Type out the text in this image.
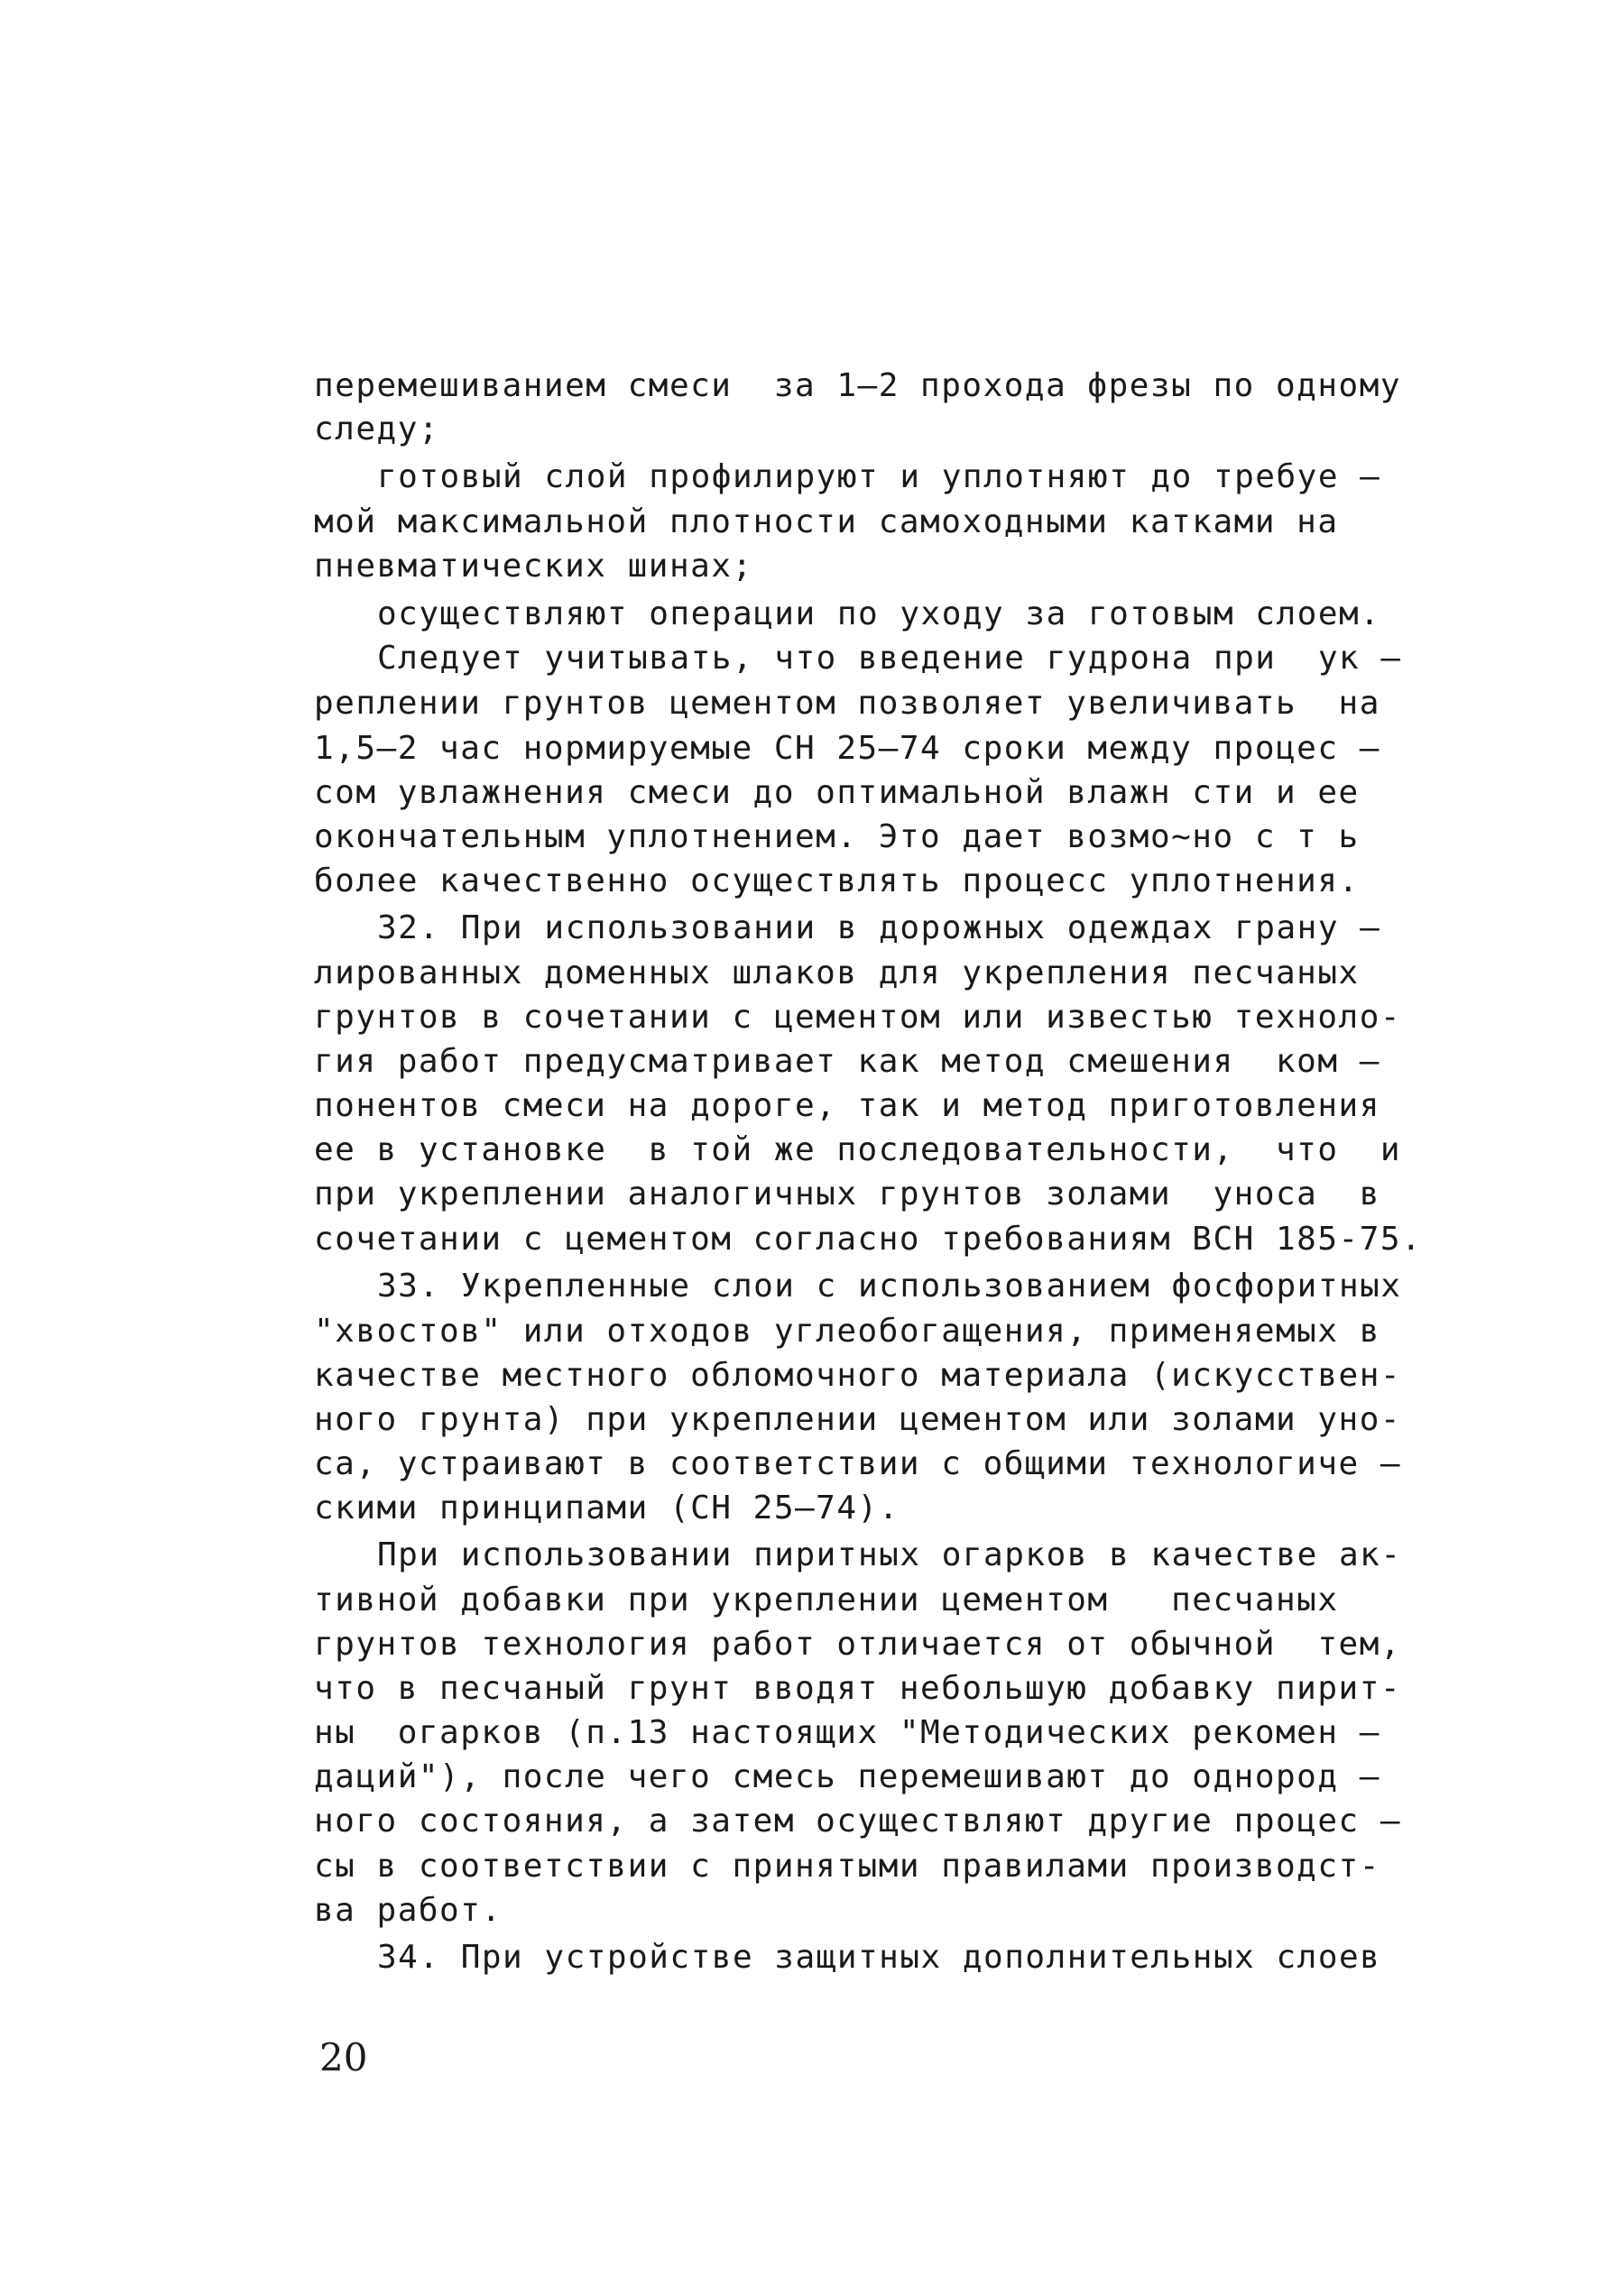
перемешиванием смеси  за 1–2 прохода фрезы по одному
следу;
готовый слой профилируют и уплотняют до требуе –
мой максимальной плотности самоходными катками на
пневматических шинах;
осуществляют операции по уходу за готовым слоем.
Следует учитывать, что введение гудрона при  ук –
реплении грунтов цементом позволяет увеличивать  на
1,5–2 час нормируемые СН 25–74 сроки между процес –
сом увлажнения смеси до оптимальной влажн сти и ее
окончательным уплотнением. Это дает возмо~но с т ь
более качественно осуществлять процесс уплотнения.
32. При использовании в дорожных одеждах грану –
лированных доменных шлаков для укрепления песчаных
грунтов в сочетании с цементом или известью техноло-
гия работ предусматривает как метод смешения  ком –
понентов смеси на дороге, так и метод приготовления
ее в установке  в той же последовательности,  что  и
при укреплении аналогичных грунтов золами  уноса  в
сочетании с цементом согласно требованиям ВСН 185-75.
33. Укрепленные слои с использованием фосфоритных
"хвостов" или отходов углеобогащения, применяемых в
качестве местного обломочного материала (искусствен-
ного грунта) при укреплении цементом или золами уно-
са, устраивают в соответствии с общими технологиче –
скими принципами (СН 25–74).
При использовании пиритных огарков в качестве ак-
тивной добавки при укреплении цементом   песчаных
грунтов технология работ отличается от обычной  тем,
что в песчаный грунт вводят небольшую добавку пирит-
ны  огарков (п.13 настоящих "Методических рекомен –
даций"), после чего смесь перемешивают до однород –
ного состояния, а затем осуществляют другие процес –
сы в соответствии с принятыми правилами производст-
ва работ.
34. При устройстве защитных дополнительных слоев
20
